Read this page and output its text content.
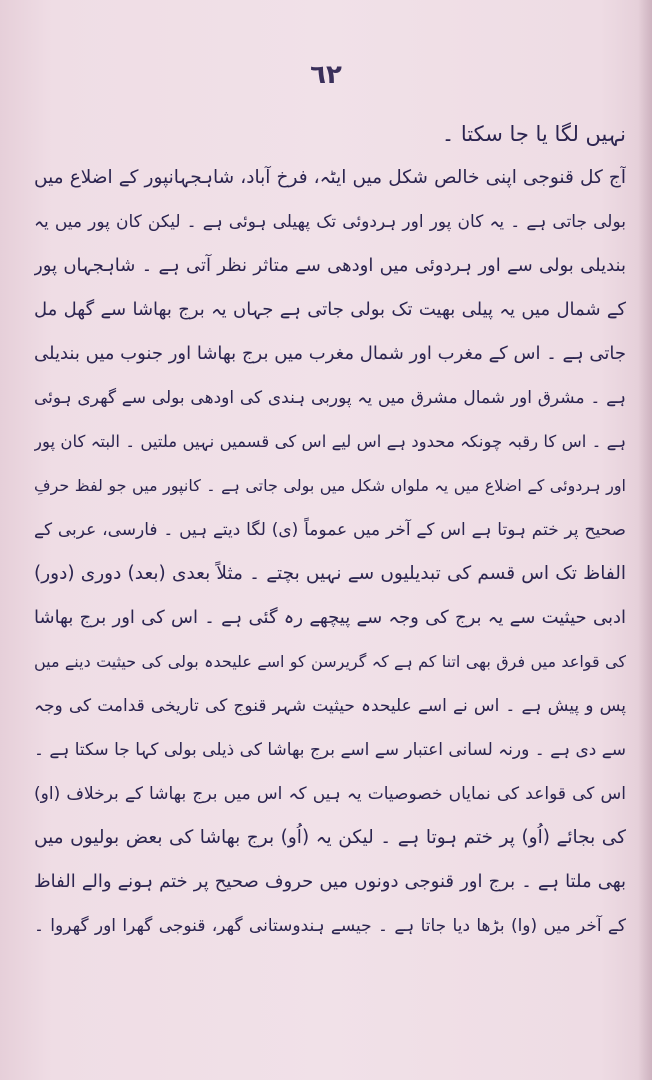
٦٢
نہیں لگا یا جا سکتا ۔
آج کل قنوجی اپنی خالص شکل میں ایٹہ، فرخ آباد، شاہجہانپور کے اضلاع میں
بولی جاتی ہے ۔ یہ کان پور اور ہردوئی تک پھیلی ہوئی ہے ۔ لیکن کان پور میں یہ
بندیلی بولی سے اور ہردوئی میں اودھی سے متاثر نظر آتی ہے ۔ شاہجہاں پور
کے شمال میں یہ پیلی بھیت تک بولی جاتی ہے جہاں یہ برج بھاشا سے گھل مل
جاتی ہے ۔ اس کے مغرب اور شمال مغرب میں برج بھاشا اور جنوب میں بندیلی
ہے ۔ مشرق اور شمال مشرق میں یہ پوربی ہندی کی اودھی بولی سے گھری ہوئی
ہے ۔ اس کا رقبہ چونکہ محدود ہے اس لیے اس کی قسمیں نہیں ملتیں ۔ البتہ کان پور
اور ہردوئی کے اضلاع میں یہ ملواں شکل میں بولی جاتی ہے ۔ کانپور میں جو لفظ حرفِ
صحیح پر ختم ہوتا ہے اس کے آخر میں عموماً (ی) لگا دیتے ہیں ۔ فارسی، عربی کے
الفاظ تک اس قسم کی تبدیلیوں سے نہیں بچتے ۔ مثلاً بعدی (بعد) دوری (دور)
ادبی حیثیت سے یہ برج کی وجہ سے پیچھے رہ گئی ہے ۔ اس کی اور برج بھاشا
کی قواعد میں فرق بھی اتنا کم ہے کہ گریرسن کو اسے علیحدہ بولی کی حیثیت دینے میں
پس و پیش ہے ۔ اس نے اسے علیحدہ حیثیت شہر قنوج کی تاریخی قدامت کی وجہ
سے دی ہے ۔ ورنہ لسانی اعتبار سے اسے برج بھاشا کی ذیلی بولی کہا جا سکتا ہے ۔
اس کی قواعد کی نمایاں خصوصیات یہ ہیں کہ اس میں برج بھاشا کے برخلاف (او)
کی بجائے (اُو) پر ختم ہوتا ہے ۔ لیکن یہ (اُو) برج بھاشا کی بعض بولیوں میں
بھی ملتا ہے ۔ برج اور قنوجی دونوں میں حروف صحیح پر ختم ہونے والے الفاظ
کے آخر میں (وا) بڑھا دیا جاتا ہے ۔ جیسے ہندوستانی گھر، قنوجی گھرا اور گھروا ۔
